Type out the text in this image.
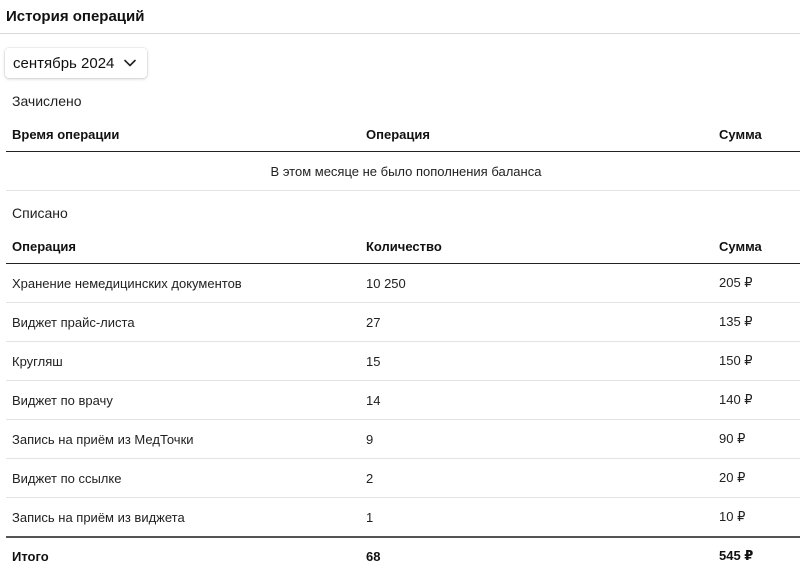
История операций
сентябрь 2024
Зачислено
Время операции	Операция	Сумма
В этом месяце не было пополнения баланса
Списано
Операция	Количество	Сумма
Хранение немедицинских документов	10 250	205 ₽
Виджет прайс-листа	27	135 ₽
Кругляш	15	150 ₽
Виджет по врачу	14	140 ₽
Запись на приём из МедТочки	9	90 ₽
Виджет по ссылке	2	20 ₽
Запись на приём из виджета	1	10 ₽
Итого	68	545 ₽
